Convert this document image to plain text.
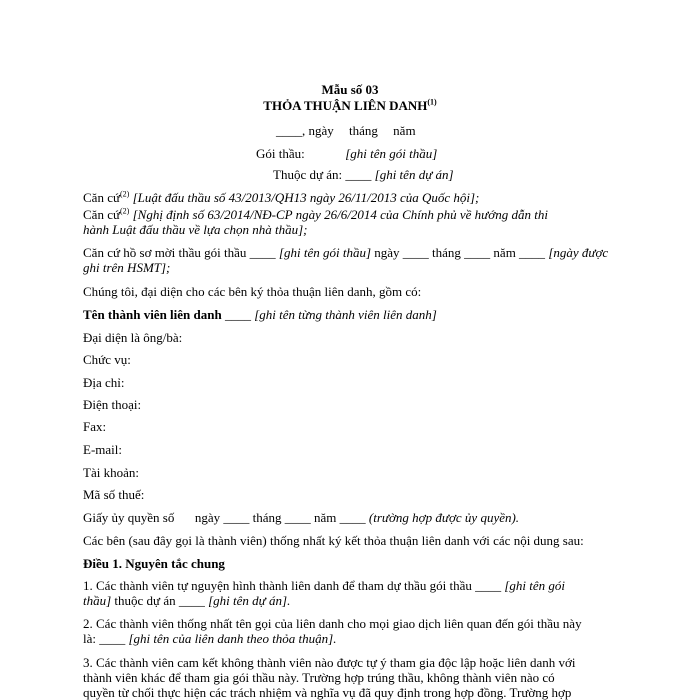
Mẫu số 03
THỎA THUẬN LIÊN DANH$^{(1)}$
____, ngày tháng năm
Gói thầu:	[ghi tên gói thầu]
Thuộc dự án: ____ [ghi tên dự án]
Căn cứ$^{(2)}$ [Luật đấu thầu số 43/2013/QH13 ngày 26/11/2013 của Quốc hội];
Căn cứ$^{(2)}$ [Nghị định số 63/2014/NĐ-CP ngày 26/6/2014 của Chính phủ về hướng dẫn thi
hành Luật đấu thầu về lựa chọn nhà thầu];
Căn cứ hồ sơ mời thầu gói thầu ____ [ghi tên gói thầu] ngày ____ tháng ____ năm ____ [ngày được
ghi trên HSMT];
Chúng tôi, đại diện cho các bên ký thỏa thuận liên danh, gồm có:
Tên thành viên liên danh ____ [ghi tên từng thành viên liên danh]
Đại diện là ông/bà:
Chức vụ:
Địa chỉ:
Điện thoại:
Fax:
E-mail:
Tài khoản:
Mã số thuế:
Giấy ủy quyền số ngày ____ tháng ____ năm ____ (trường hợp được ủy quyền).
Các bên (sau đây gọi là thành viên) thống nhất ký kết thỏa thuận liên danh với các nội dung sau:
Điều 1. Nguyên tắc chung
1. Các thành viên tự nguyện hình thành liên danh để tham dự thầu gói thầu ____ [ghi tên gói
thầu] thuộc dự án ____ [ghi tên dự án].
2. Các thành viên thống nhất tên gọi của liên danh cho mọi giao dịch liên quan đến gói thầu này
là: ____ [ghi tên của liên danh theo thỏa thuận].
3. Các thành viên cam kết không thành viên nào được tự ý tham gia độc lập hoặc liên danh với
thành viên khác để tham gia gói thầu này. Trường hợp trúng thầu, không thành viên nào có
quyền từ chối thực hiện các trách nhiệm và nghĩa vụ đã quy định trong hợp đồng. Trường hợp
